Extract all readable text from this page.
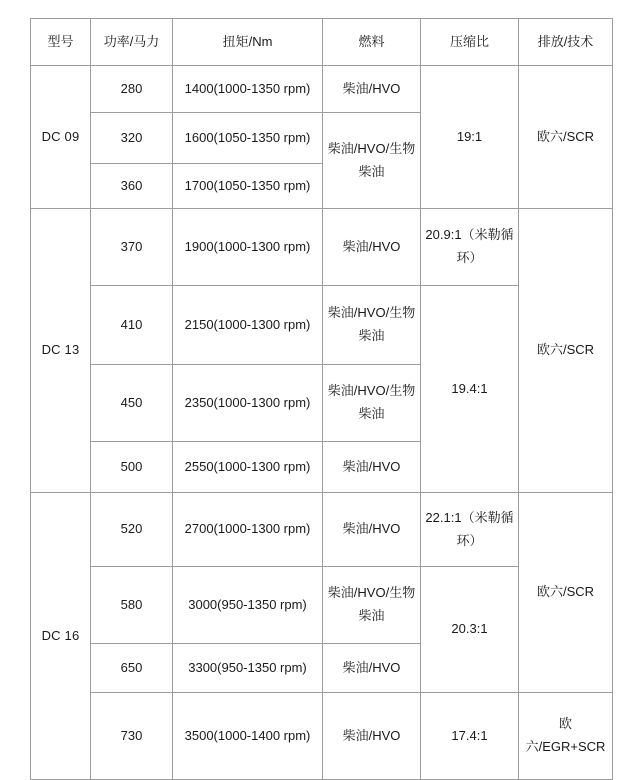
型号	功率/马力	扭矩/Nm	燃料	压缩比	排放/技术
DC 09	280	1400(1000-1350 rpm)	柴油/HVO	19:1	欧六/SCR
	320	1600(1050-1350 rpm)	柴油/HVO/生物柴油		
	360	1700(1050-1350 rpm)			
DC 13	370	1900(1000-1300 rpm)	柴油/HVO	20.9:1（米勒循环）	欧六/SCR
	410	2150(1000-1300 rpm)	柴油/HVO/生物柴油	19.4:1	
	450	2350(1000-1300 rpm)	柴油/HVO/生物柴油		
	500	2550(1000-1300 rpm)	柴油/HVO		
DC 16	520	2700(1000-1300 rpm)	柴油/HVO	22.1:1（米勒循环）	欧六/SCR
	580	3000(950-1350 rpm)	柴油/HVO/生物柴油	20.3:1	
	650	3300(950-1350 rpm)	柴油/HVO		
	730	3500(1000-1400 rpm)	柴油/HVO	17.4:1	欧六/EGR+SCR
